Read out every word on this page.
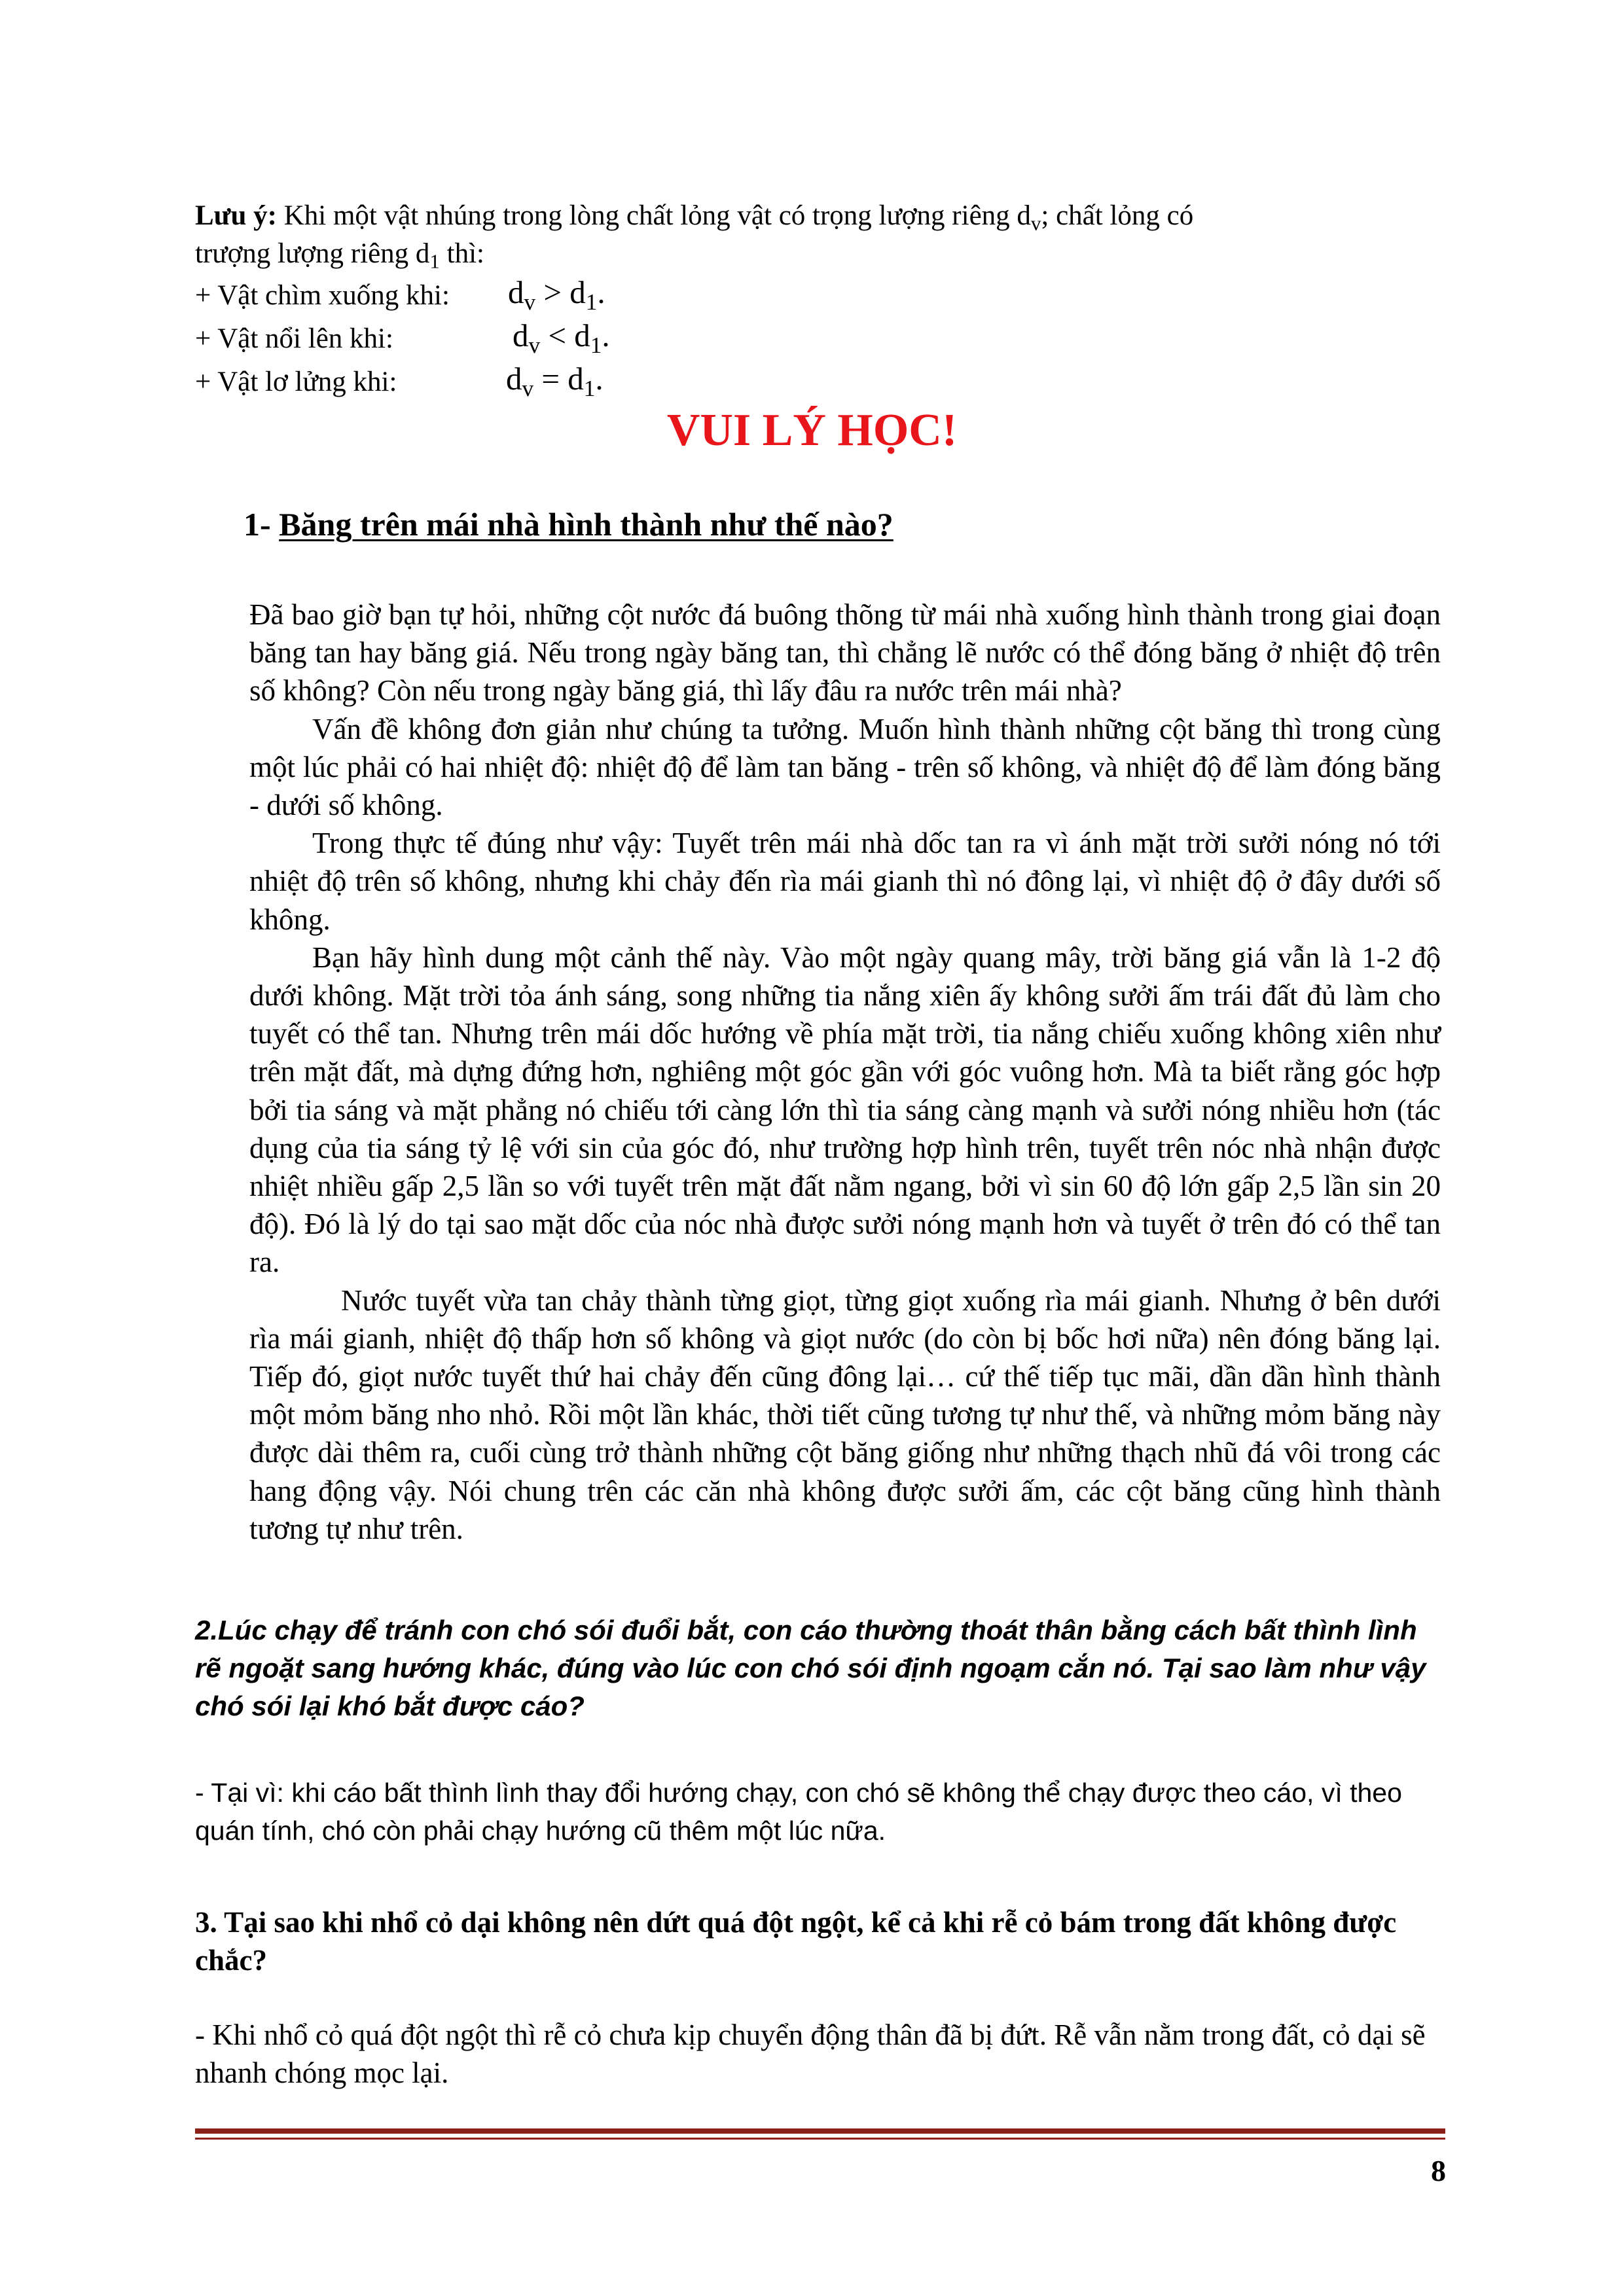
Lưu ý: Khi một vật nhúng trong lòng chất lỏng vật có trọng lượng riêng $d_v$; chất lỏng có
trượng lượng riêng $d_1$ thì:
+ Vật chìm xuống khi: $d_v > d_1$.
+ Vật nổi lên khi:	$d_v < d_1$.
+ Vật lơ lửng khi:	$d_v = d_1$.
VUI LÝ HỌC!
1- Băng trên mái nhà hình thành như thế nào?

Đã bao giờ bạn tự hỏi, những cột nước đá buông thõng từ mái nhà xuống hình thành trong giai đoạn băng tan hay băng giá. Nếu trong ngày băng tan, thì chẳng lẽ nước có thể đóng băng ở nhiệt độ trên số không? Còn nếu trong ngày băng giá, thì lấy đâu ra nước trên mái nhà?

Vấn đề không đơn giản như chúng ta tưởng. Muốn hình thành những cột băng thì trong cùng một lúc phải có hai nhiệt độ: nhiệt độ để làm tan băng - trên số không, và nhiệt độ để làm đóng băng - dưới số không.

Trong thực tế đúng như vậy: Tuyết trên mái nhà dốc tan ra vì ánh mặt trời sưởi nóng nó tới nhiệt độ trên số không, nhưng khi chảy đến rìa mái gianh thì nó đông lại, vì nhiệt độ ở đây dưới số không.

Bạn hãy hình dung một cảnh thế này. Vào một ngày quang mây, trời băng giá vẫn là 1-2 độ dưới không. Mặt trời tỏa ánh sáng, song những tia nắng xiên ấy không sưởi ấm trái đất đủ làm cho tuyết có thể tan. Nhưng trên mái dốc hướng về phía mặt trời, tia nắng chiếu xuống không xiên như trên mặt đất, mà dựng đứng hơn, nghiêng một góc gần với góc vuông hơn. Mà ta biết rằng góc hợp bởi tia sáng và mặt phẳng nó chiếu tới càng lớn thì tia sáng càng mạnh và sưởi nóng nhiều hơn (tác dụng của tia sáng tỷ lệ với sin của góc đó, như trường hợp hình trên, tuyết trên nóc nhà nhận được nhiệt nhiều gấp 2,5 lần so với tuyết trên mặt đất nằm ngang, bởi vì sin 60 độ lớn gấp 2,5 lần sin 20 độ). Đó là lý do tại sao mặt dốc của nóc nhà được sưởi nóng mạnh hơn và tuyết ở trên đó có thể tan ra.

Nước tuyết vừa tan chảy thành từng giọt, từng giọt xuống rìa mái gianh. Nhưng ở bên dưới rìa mái gianh, nhiệt độ thấp hơn số không và giọt nước (do còn bị bốc hơi nữa) nên đóng băng lại. Tiếp đó, giọt nước tuyết thứ hai chảy đến cũng đông lại… cứ thế tiếp tục mãi, dần dần hình thành một mỏm băng nho nhỏ. Rồi một lần khác, thời tiết cũng tương tự như thế, và những mỏm băng này được dài thêm ra, cuối cùng trở thành những cột băng giống như những thạch nhũ đá vôi trong các hang động vậy. Nói chung trên các căn nhà không được sưởi ấm, các cột băng cũng hình thành tương tự như trên.

2.Lúc chạy để tránh con chó sói đuổi bắt, con cáo thường thoát thân bằng cách bất thình lình rẽ ngoặt sang hướng khác, đúng vào lúc con chó sói định ngoạm cắn nó. Tại sao làm như vậy chó sói lại khó bắt được cáo?
- Tại vì: khi cáo bất thình lình thay đổi hướng chạy, con chó sẽ không thể chạy được theo cáo, vì theo quán tính, chó còn phải chạy hướng cũ thêm một lúc nữa.
3. Tại sao khi nhổ cỏ dại không nên dứt quá đột ngột, kể cả khi rễ cỏ bám trong đất không được chắc?
- Khi nhổ cỏ quá đột ngột thì rễ cỏ chưa kịp chuyển động thân đã bị đứt. Rễ vẫn nằm trong đất, cỏ dại sẽ nhanh chóng mọc lại.
8
